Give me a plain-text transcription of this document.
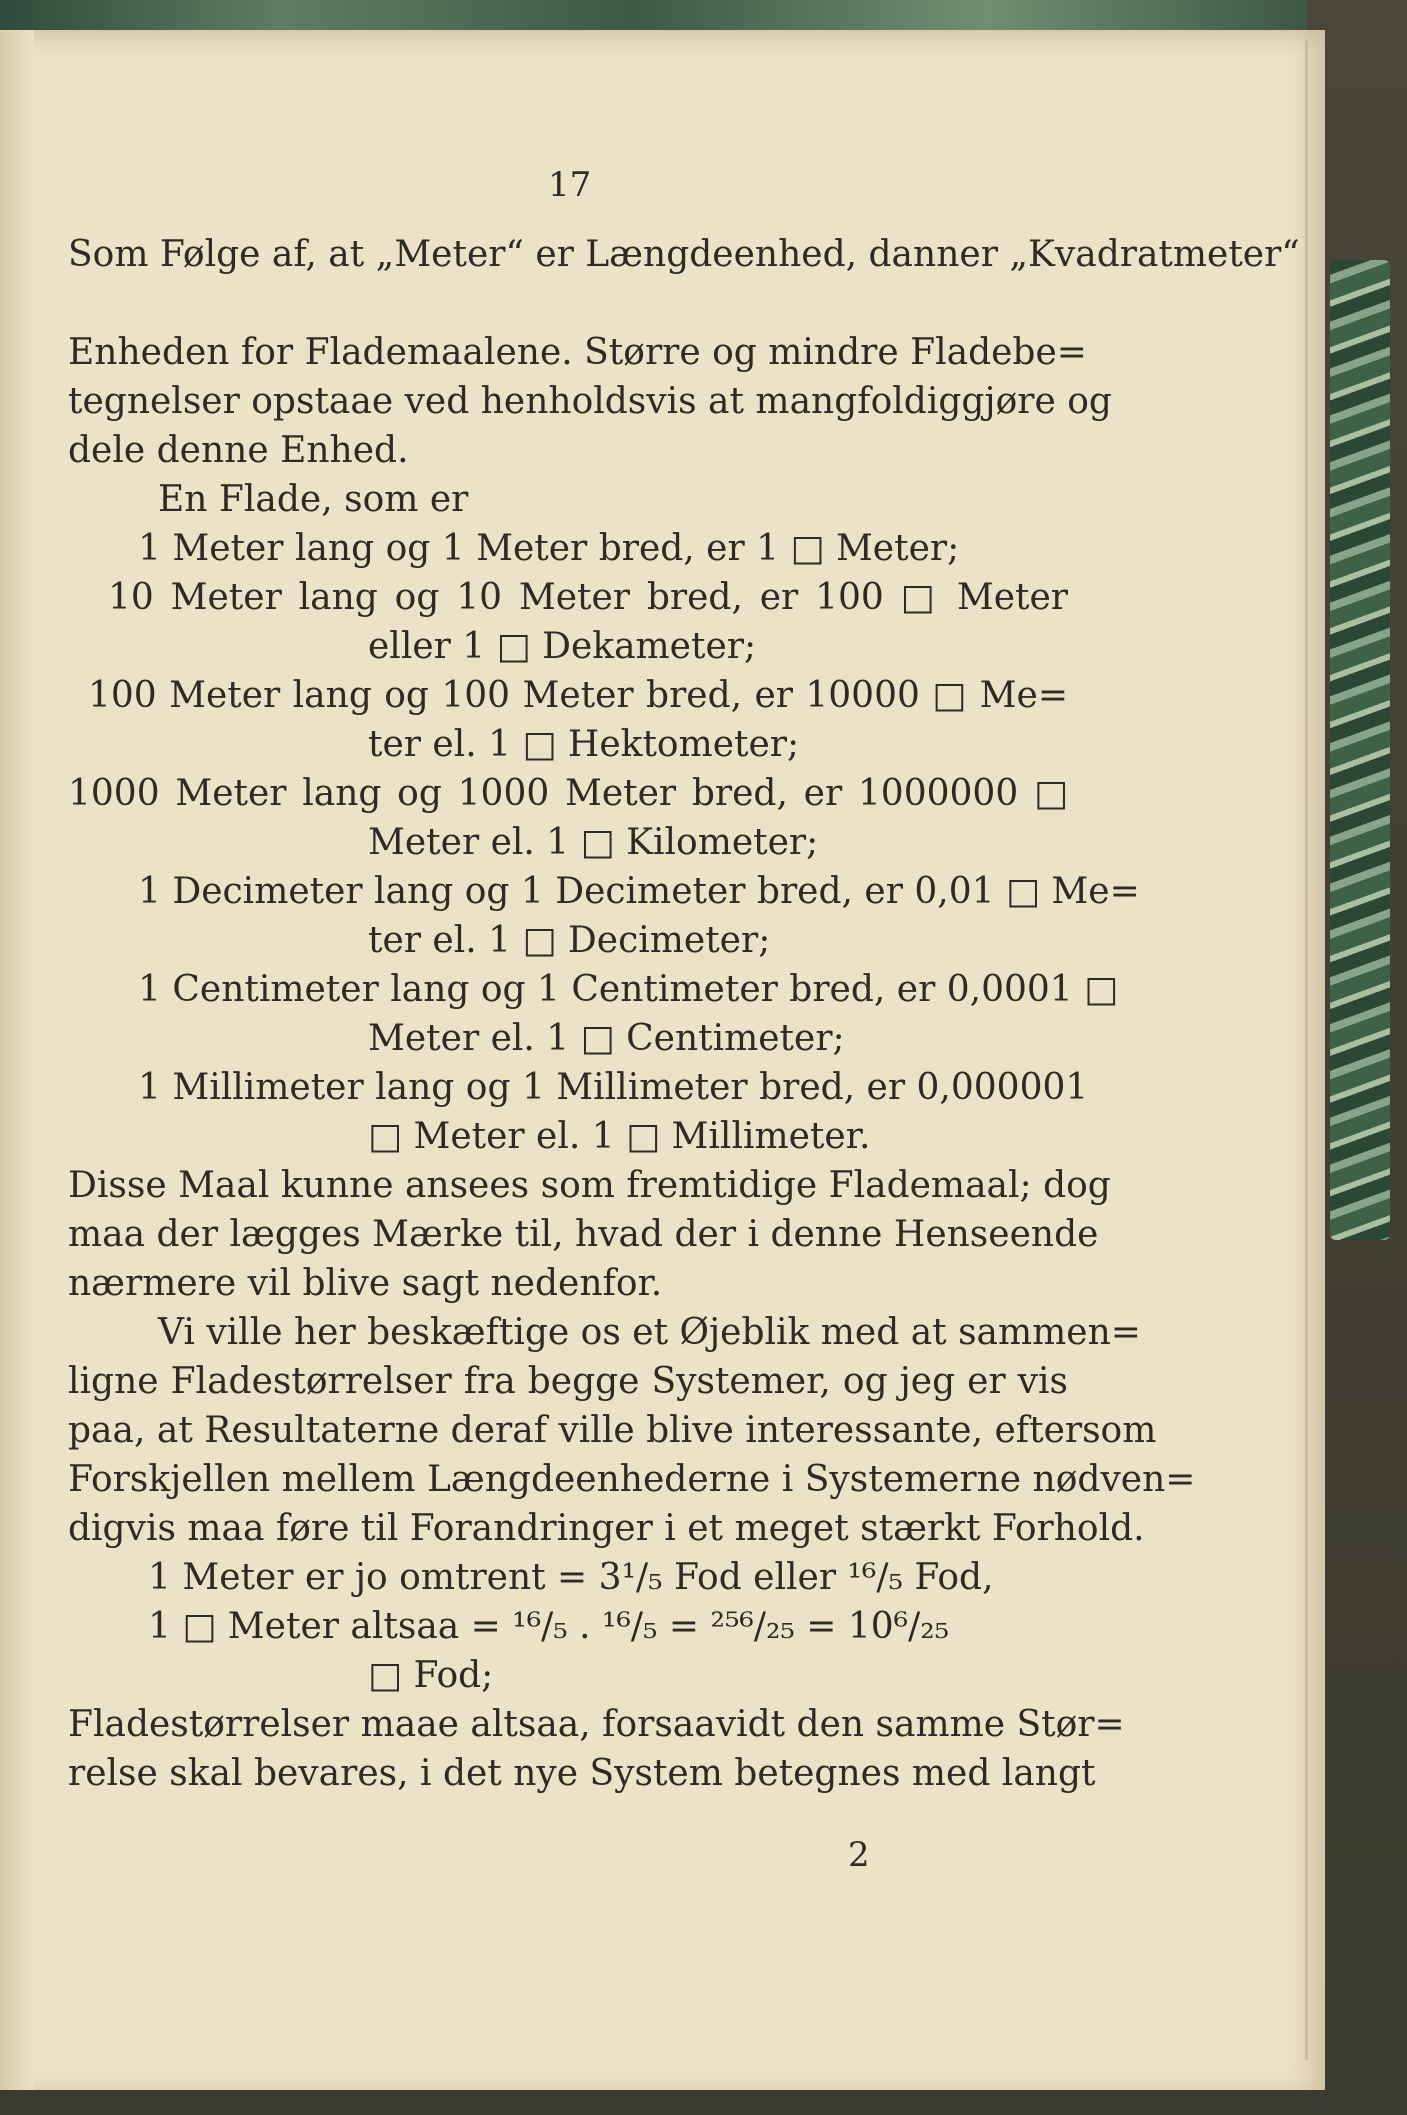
17
Som Følge af, at „Meter“ er Længdeenhed, danner „Kvadratmeter“
Enheden for Flademaalene. Større og mindre Fladebe=
tegnelser opstaae ved henholdsvis at mangfoldiggjøre og
dele denne Enhed.
En Flade, som er
1 Meter lang og 1 Meter bred, er 1 □ Meter;
10 Meter lang og 10 Meter bred, er 100 □ Meter
eller 1 □ Dekameter;
100 Meter lang og 100 Meter bred, er 10000 □ Me=
ter el. 1 □ Hektometer;
1000 Meter lang og 1000 Meter bred, er 1000000 □
Meter el. 1 □ Kilometer;
1 Decimeter lang og 1 Decimeter bred, er 0,01 □ Me=
ter el. 1 □ Decimeter;
1 Centimeter lang og 1 Centimeter bred, er 0,0001 □
Meter el. 1 □ Centimeter;
1 Millimeter lang og 1 Millimeter bred, er 0,000001
□ Meter el. 1 □ Millimeter.
Disse Maal kunne ansees som fremtidige Flademaal; dog
maa der lægges Mærke til, hvad der i denne Henseende
nærmere vil blive sagt nedenfor.
Vi ville her beskæftige os et Øjeblik med at sammen=
ligne Fladestørrelser fra begge Systemer, og jeg er vis
paa, at Resultaterne deraf ville blive interessante, eftersom
Forskjellen mellem Længdeenhederne i Systemerne nødven=
digvis maa føre til Forandringer i et meget stærkt Forhold.
1 Meter er jo omtrent = 3¹/₅ Fod eller ¹⁶/₅ Fod,
1 □ Meter altsaa = ¹⁶/₅ . ¹⁶/₅ = ²⁵⁶/₂₅ = 10⁶/₂₅
□ Fod;
Fladestørrelser maae altsaa, forsaavidt den samme Stør=
relse skal bevares, i det nye System betegnes med langt
2
